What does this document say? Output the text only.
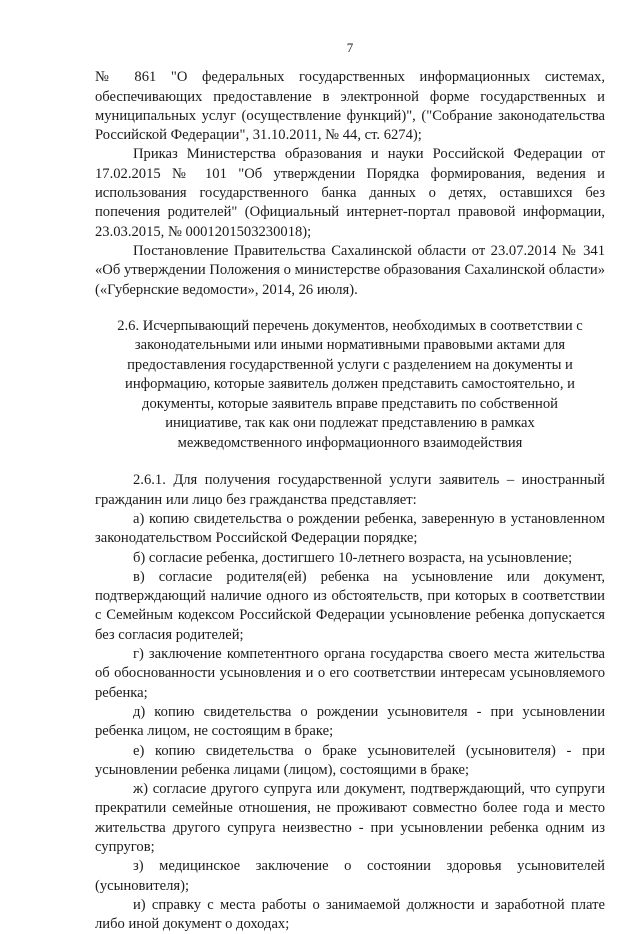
7

№ 861 "О федеральных государственных информационных системах, обеспечивающих предоставление в электронной форме государственных и муниципальных услуг (осуществление функций)", ("Собрание законодательства Российской Федерации", 31.10.2011, № 44, ст. 6274);

Приказ Министерства образования и науки Российской Федерации от 17.02.2015 № 101 "Об утверждении Порядка формирования, ведения и использования государственного банка данных о детях, оставшихся без попечения родителей" (Официальный интернет-портал правовой информации, 23.03.2015, № 0001201503230018);

Постановление Правительства Сахалинской области от 23.07.2014 № 341 «Об утверждении Положения о министерстве образования Сахалинской области» («Губернские ведомости», 2014, 26 июля).

2.6. Исчерпывающий перечень документов, необходимых в соответствии с законодательными или иными нормативными правовыми актами для предоставления государственной услуги с разделением на документы и информацию, которые заявитель должен представить самостоятельно, и документы, которые заявитель вправе представить по собственной инициативе, так как они подлежат представлению в рамках межведомственного информационного взаимодействия

2.6.1. Для получения государственной услуги заявитель – иностранный гражданин или лицо без гражданства представляет:

а) копию свидетельства о рождении ребенка, заверенную в установленном законодательством Российской Федерации порядке;

б) согласие ребенка, достигшего 10-летнего возраста, на усыновление;

в) согласие родителя(ей) ребенка на усыновление или документ, подтверждающий наличие одного из обстоятельств, при которых в соответствии с Семейным кодексом Российской Федерации усыновление ребенка допускается без согласия родителей;

г) заключение компетентного органа государства своего места жительства об обоснованности усыновления и о его соответствии интересам усыновляемого ребенка;

д) копию свидетельства о рождении усыновителя - при усыновлении ребенка лицом, не состоящим в браке;

е) копию свидетельства о браке усыновителей (усыновителя) - при усыновлении ребенка лицами (лицом), состоящими в браке;

ж) согласие другого супруга или документ, подтверждающий, что супруги прекратили семейные отношения, не проживают совместно более года и место жительства другого супруга неизвестно - при усыновлении ребенка одним из супругов;

з) медицинское заключение о состоянии здоровья усыновителей (усыновителя);

и) справку с места работы о занимаемой должности и заработной плате либо иной документ о доходах;
